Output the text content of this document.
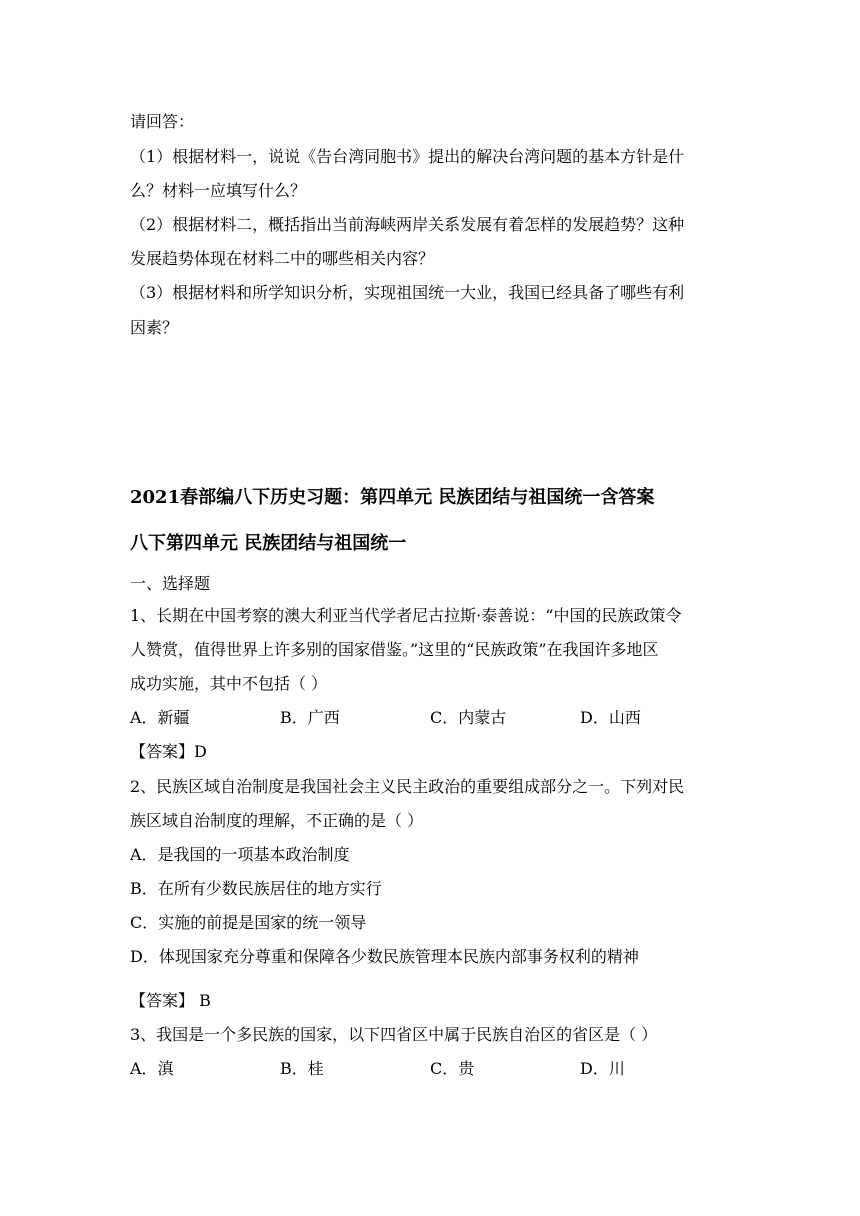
请回答：
（1）根据材料一，说说《告台湾同胞书》提出的解决台湾问题的基本方针是什
么？材料一应填写什么？
（2）根据材料二，概括指出当前海峡两岸关系发展有着怎样的发展趋势？这种
发展趋势体现在材料二中的哪些相关内容？
（3）根据材料和所学知识分析，实现祖国统一大业，我国已经具备了哪些有利
因素？
2021春部编八下历史习题：第四单元 民族团结与祖国统一含答案
八下第四单元 民族团结与祖国统一
一、选择题
1、长期在中国考察的澳大利亚当代学者尼古拉斯·泰善说：“中国的民族政策令
人赞赏，值得世界上许多别的国家借鉴。”这里的“民族政策”在我国许多地区
成功实施，其中不包括（ ）
A．新疆	B．广西	C．内蒙古	D．山西
【答案】D
2、民族区域自治制度是我国社会主义民主政治的重要组成部分之一。下列对民
族区域自治制度的理解，不正确的是（ ）
A．是我国的一项基本政治制度
B．在所有少数民族居住的地方实行
C．实施的前提是国家的统一领导
D．体现国家充分尊重和保障各少数民族管理本民族内部事务权利的精神
【答案】 B
3、我国是一个多民族的国家，以下四省区中属于民族自治区的省区是（ ）
A．滇	B．桂	C．贵	D．川
